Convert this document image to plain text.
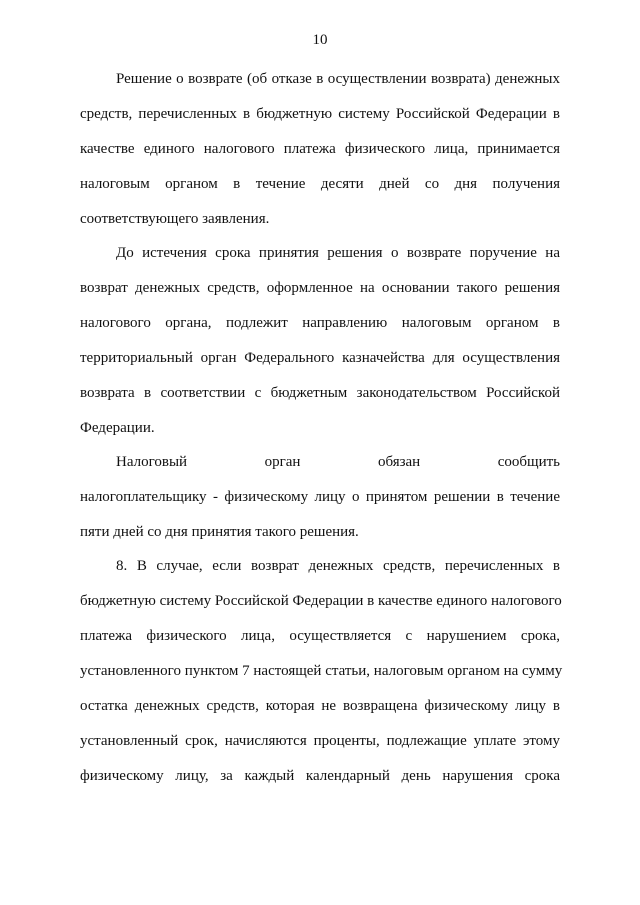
10
Решение о возврате (об отказе в осуществлении возврата) денежных
средств, перечисленных в бюджетную систему Российской Федерации в
качестве единого налогового платежа физического лица, принимается
налоговым органом в течение десяти дней со дня получения
соответствующего заявления.
До истечения срока принятия решения о возврате поручение на
возврат денежных средств, оформленное на основании такого решения
налогового органа, подлежит направлению налоговым органом в
территориальный орган Федерального казначейства для осуществления
возврата в соответствии с бюджетным законодательством Российской
Федерации.
Налоговый орган обязан сообщить
налогоплательщику - физическому лицу о принятом решении в течение
пяти дней со дня принятия такого решения.
8. В случае, если возврат денежных средств, перечисленных в
бюджетную систему Российской Федерации в качестве единого налогового
платежа физического лица, осуществляется с нарушением срока,
установленного пунктом 7 настоящей статьи, налоговым органом на сумму
остатка денежных средств, которая не возвращена физическому лицу в
установленный срок, начисляются проценты, подлежащие уплате этому
физическому лицу, за каждый календарный день нарушения срока
